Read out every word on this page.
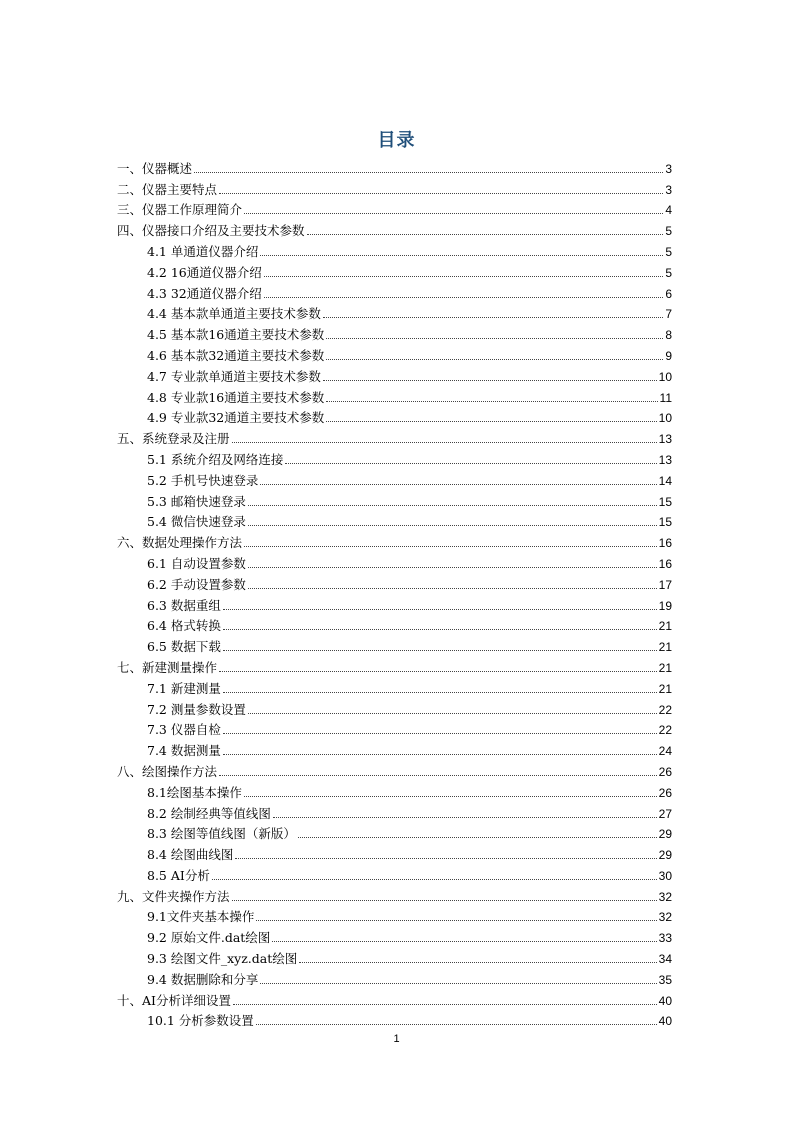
目录
一、仪器概述	3
二、仪器主要特点	3
三、仪器工作原理简介	4
四、仪器接口介绍及主要技术参数	5
4.1 单通道仪器介绍	5
4.2 16通道仪器介绍	5
4.3 32通道仪器介绍	6
4.4 基本款单通道主要技术参数	7
4.5 基本款16通道主要技术参数	8
4.6 基本款32通道主要技术参数	9
4.7 专业款单通道主要技术参数	10
4.8 专业款16通道主要技术参数	11
4.9 专业款32通道主要技术参数	10
五、系统登录及注册	13
5.1 系统介绍及网络连接	13
5.2 手机号快速登录	14
5.3 邮箱快速登录	15
5.4 微信快速登录	15
六、数据处理操作方法	16
6.1 自动设置参数	16
6.2 手动设置参数	17
6.3 数据重组	19
6.4 格式转换	21
6.5 数据下载	21
七、新建测量操作	21
7.1 新建测量	21
7.2 测量参数设置	22
7.3 仪器自检	22
7.4 数据测量	24
八、绘图操作方法	26
8.1绘图基本操作	26
8.2 绘制经典等值线图	27
8.3 绘图等值线图（新版）	29
8.4 绘图曲线图	29
8.5 AI分析	30
九、文件夹操作方法	32
9.1文件夹基本操作	32
9.2 原始文件.dat绘图	33
9.3 绘图文件_xyz.dat绘图	34
9.4 数据删除和分享	35
十、AI分析详细设置	40
10.1 分析参数设置	40
1
